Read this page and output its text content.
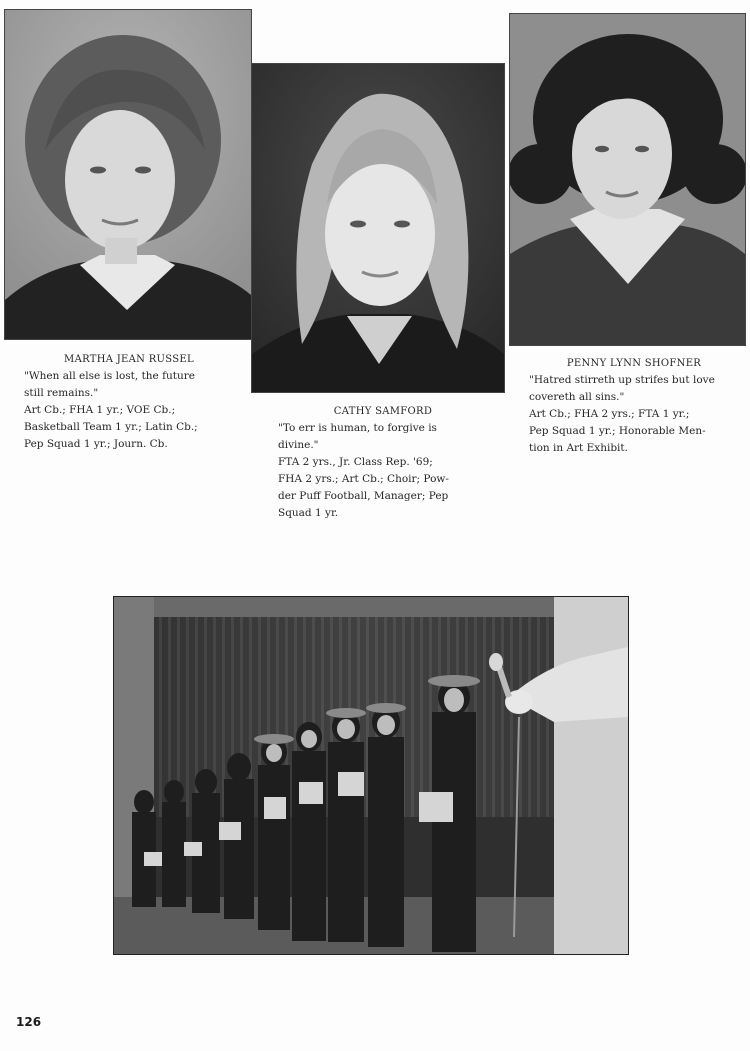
MARTHA JEAN RUSSEL
"When all else is lost, the future
still remains."
Art Cb.; FHA 1 yr.; VOE Cb.;
Basketball Team 1 yr.; Latin Cb.;
Pep Squad 1 yr.; Journ. Cb.
CATHY SAMFORD
"To err is human, to forgive is
divine."
FTA 2 yrs., Jr. Class Rep. '69;
FHA 2 yrs.; Art Cb.; Choir; Pow-
der Puff Football, Manager; Pep
Squad 1 yr.
PENNY LYNN SHOFNER
"Hatred stirreth up strifes but love
covereth all sins."
Art Cb.; FHA 2 yrs.; FTA 1 yr.;
Pep Squad 1 yr.; Honorable Men-
tion in Art Exhibit.
126
